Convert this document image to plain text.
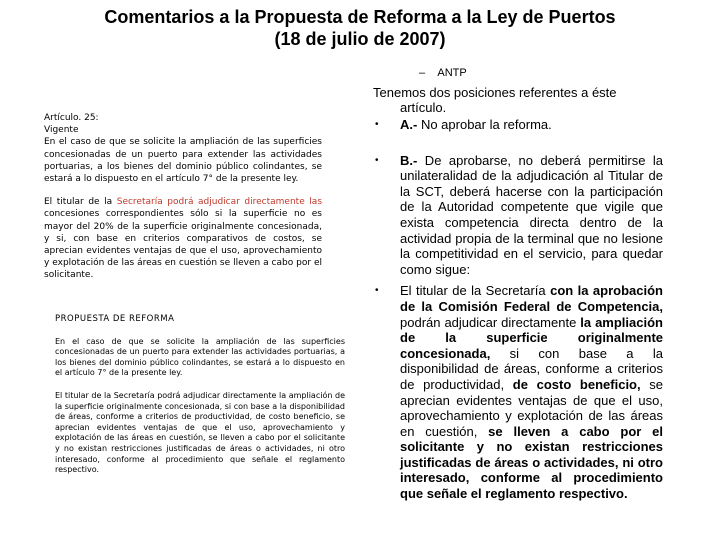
Comentarios a la Propuesta de Reforma a la Ley de Puertos
(18 de julio de 2007)

Artículo. 25:

Vigente

En el caso de que se solicite la ampliación de las superficies concesionadas de un puerto para extender las actividades portuarias, a los bienes del dominio público colindantes, se estará a lo dispuesto en el artículo 7° de la presente ley.

El titular de la Secretaría podrá adjudicar directamente las concesiones correspondientes sólo si la superficie no es mayor del 20% de la superficie originalmente concesionada, y si, con base en criterios comparativos de costos, se aprecian evidentes ventajas de que el uso, aprovechamiento y explotación de las áreas en cuestión se lleven a cabo por el solicitante.

PROPUESTA DE REFORMA

En el caso de que se solicite la ampliación de las superficies concesionadas de un puerto para extender las actividades portuarias, a los bienes del dominio público colindantes, se estará a lo dispuesto en el artículo 7° de la presente ley.

El titular de la Secretaría podrá adjudicar directamente la ampliación de la superficie originalmente concesionada, si con base a la disponibilidad de áreas, conforme a criterios de productividad, de costo beneficio, se aprecian evidentes ventajas de que el uso, aprovechamiento y explotación de las áreas en cuestión, se lleven a cabo por el solicitante y no existan restricciones justificadas de áreas o actividades, ni otro interesado, conforme al procedimiento que señale el reglamento respectivo.

– ANTP

Tenemos dos posiciones referentes a éste
artículo.

• A.- No aprobar la reforma.
• B.- De aprobarse, no deberá permitirse la unilateralidad de la adjudicación al Titular de la SCT, deberá hacerse con la participación de la Autoridad competente que vigile que exista competencia directa dentro de la actividad propia de la terminal que no lesione la competitividad en el servicio, para quedar como sigue:
• El titular de la Secretaría con la aprobación de la Comisión Federal de Competencia, podrán adjudicar directamente la ampliación de la superficie originalmente concesionada, si con base a la disponibilidad de áreas, conforme a criterios de productividad, de costo beneficio, se aprecian evidentes ventajas de que el uso, aprovechamiento y explotación de las áreas en cuestión, se lleven a cabo por el solicitante y no existan restricciones justificadas de áreas o actividades, ni otro interesado, conforme al procedimiento que señale el reglamento respectivo.
